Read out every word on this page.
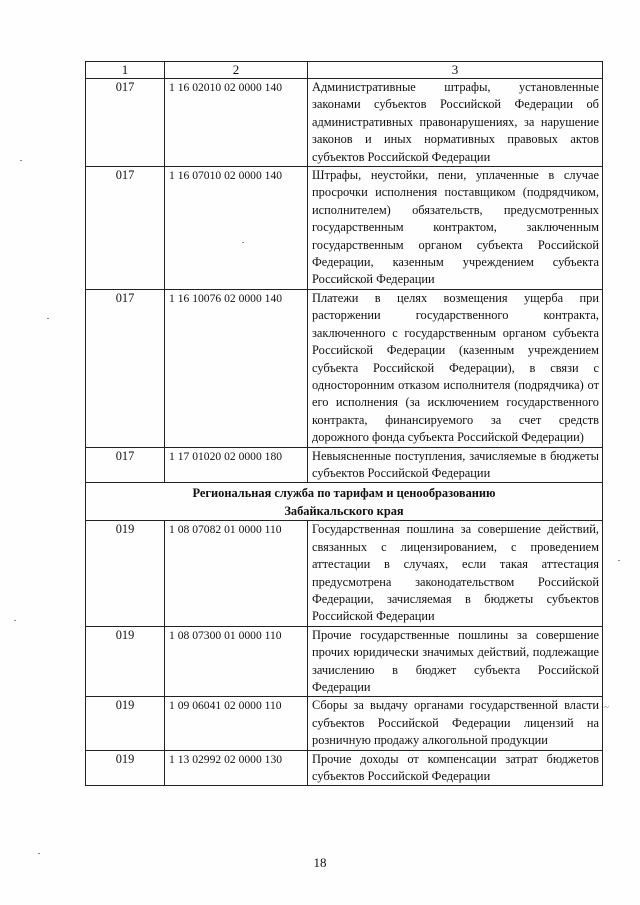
1	2	3
017	1 16 02010 02 0000 140	Административные штрафы, установленные законами субъектов Российской Федерации об административных правонарушениях, за нарушение законов и иных нормативных правовых актов субъектов Российской Федерации
017	1 16 07010 02 0000 140	Штрафы, неустойки, пени, уплаченные в случае просрочки исполнения поставщиком (подрядчиком, исполнителем) обязательств, предусмотренных государственным контрактом, заключенным государственным органом субъекта Российской Федерации, казенным учреждением субъекта Российской Федерации
017	1 16 10076 02 0000 140	Платежи в целях возмещения ущерба при расторжении государственного контракта, заключенного с государственным органом субъекта Российской Федерации (казенным учреждением субъекта Российской Федерации), в связи с односторонним отказом исполнителя (подрядчика) от его исполнения (за исключением государственного контракта, финансируемого за счет средств дорожного фонда субъекта Российской Федерации)
017	1 17 01020 02 0000 180	Невыясненные поступления, зачисляемые в бюджеты субъектов Российской Федерации

Региональная служба по тарифам и ценообразованию
Забайкальского края		

019	1 08 07082 01 0000 110	Государственная пошлина за совершение действий, связанных с лицензированием, с проведением аттестации в случаях, если такая аттестация предусмотрена законодательством Российской Федерации, зачисляемая в бюджеты субъектов Российской Федерации
019	1 08 07300 01 0000 110	Прочие государственные пошлины за совершение прочих юридически значимых действий, подлежащие зачислению в бюджет субъекта Российской Федерации
019	1 09 06041 02 0000 110	Сборы за выдачу органами государственной власти субъектов Российской Федерации лицензий на розничную продажу алкогольной продукции
019	1 13 02992 02 0000 130	Прочие доходы от компенсации затрат бюджетов субъектов Российской Федерации
18
~
